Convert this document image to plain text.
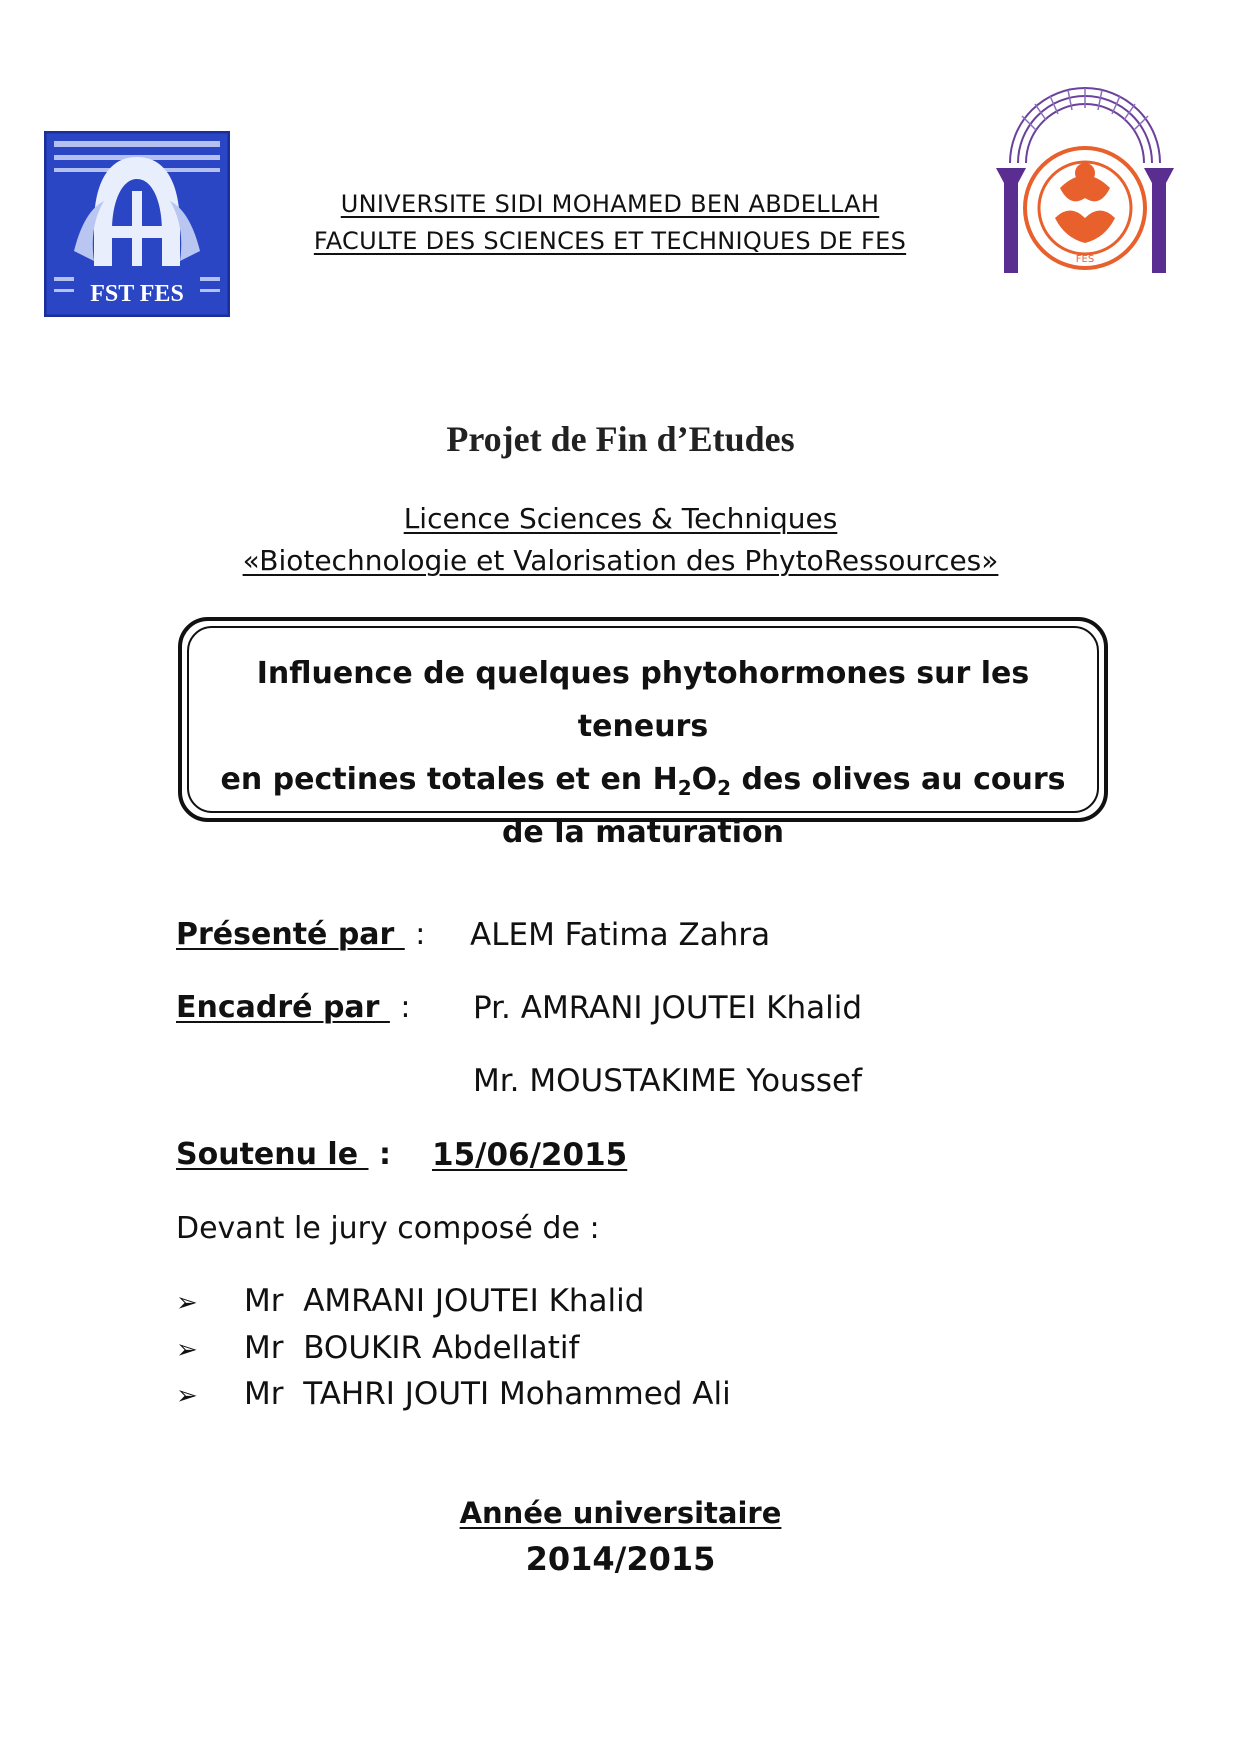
FST FES
FES
UNIVERSITE SIDI MOHAMED BEN ABDELLAH
FACULTE DES SCIENCES ET TECHNIQUES DE FES
Projet de Fin d’Etudes
Licence Sciences & Techniques
«Biotechnologie et Valorisation des PhytoRessources»
Influence de quelques phytohormones sur les teneurs
en pectines totales et en $H_2O_2$ des olives au cours
de la maturation
Présenté par  : ALEM Fatima Zahra
Encadré par  : Pr. AMRANI JOUTEI Khalid
Mr. MOUSTAKIME Youssef
Soutenu le  : 15/06/2015
Devant le jury composé de :
➢ Mr  AMRANI JOUTEI Khalid
➢ Mr  BOUKIR Abdellatif
➢ Mr  TAHRI JOUTI Mohammed Ali
Année universitaire
2014/2015
